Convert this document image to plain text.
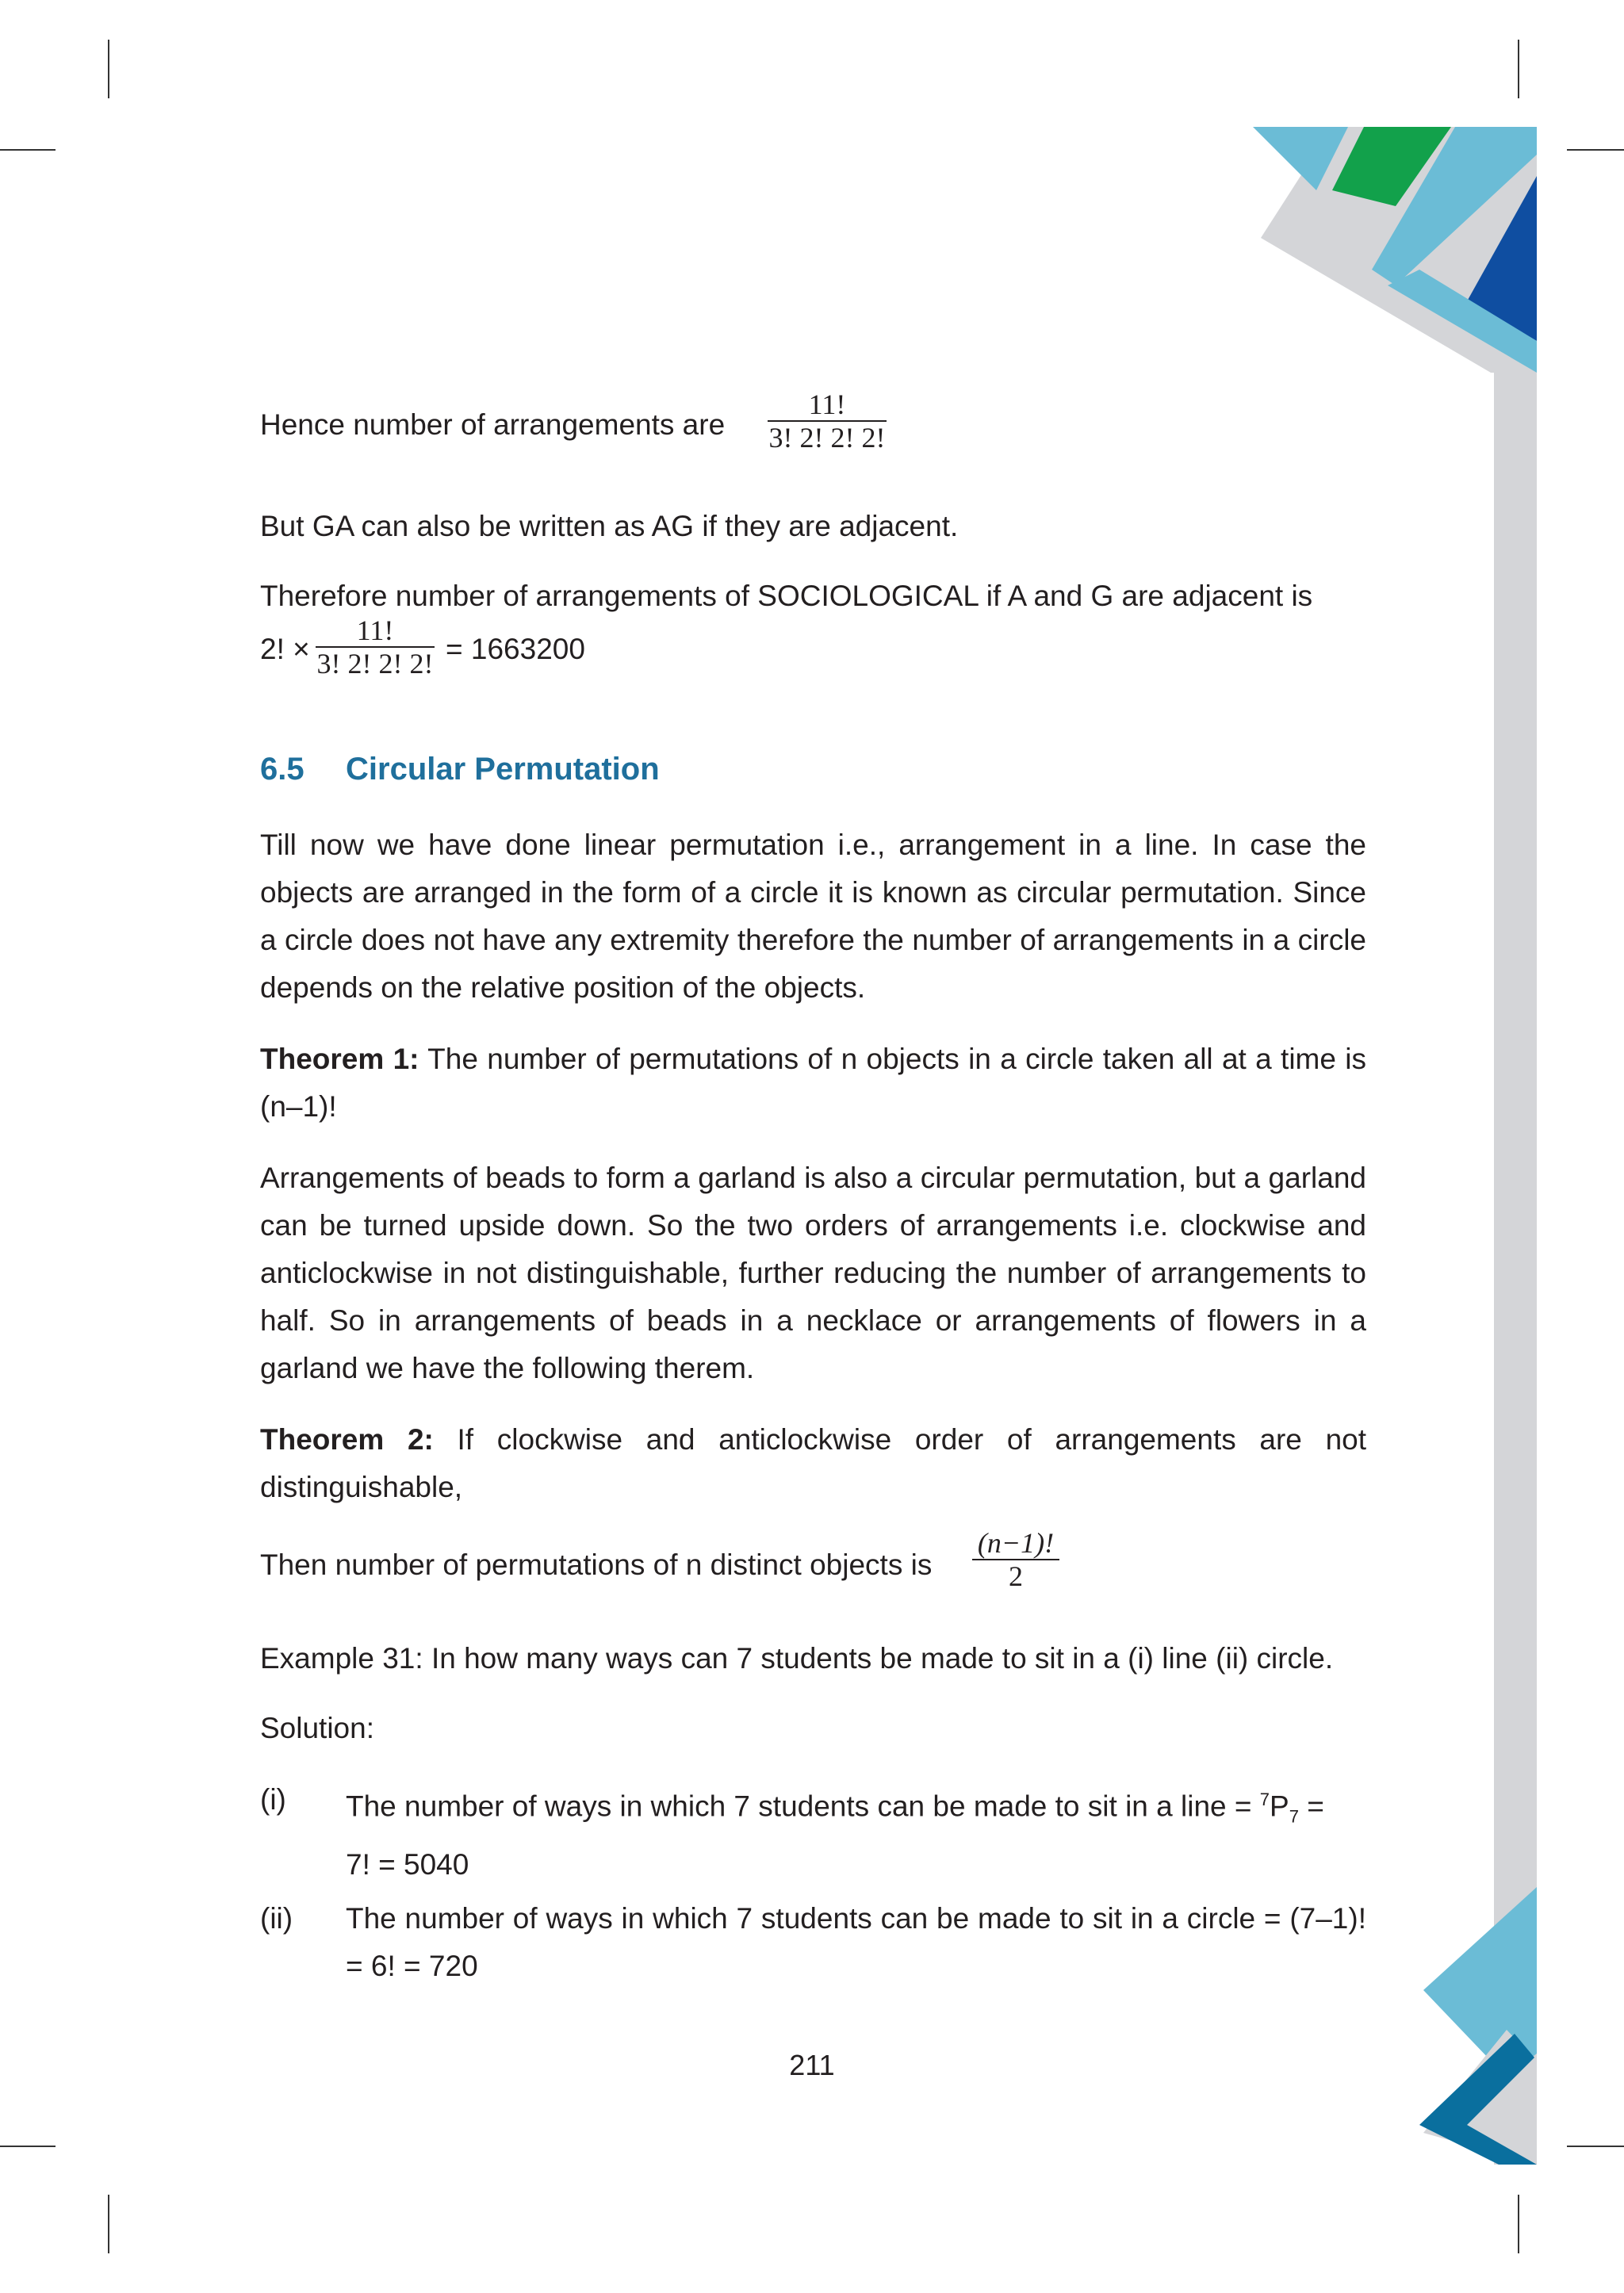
Hence number of arrangements are
11!
3! 2! 2! 2!
But GA can also be written as AG if they are adjacent.
Therefore number of arrangements of SOCIOLOGICAL if A and G are adjacent is
2! ×
11!
3! 2! 2! 2! = 1663200
6.5 Circular Permutation
Till now we have done linear permutation i.e., arrangement in a line. In case the objects are arranged in the form of a circle it is known as circular permutation. Since a circle does not have any extremity therefore the number of arrangements in a circle depends on the relative position of the objects.
Theorem 1: The number of permutations of n objects in a circle taken all at a time is (n–1)!
Arrangements of beads to form a garland is also a circular permutation, but a garland can be turned upside down. So the two orders of arrangements i.e. clockwise and anticlockwise in not distinguishable, further reducing the number of arrangements to half. So in arrangements of beads in a necklace or arrangements of flowers in a garland we have the following therem.
Theorem 2: If clockwise and anticlockwise order of arrangements are not distinguishable,
Then number of permutations of n distinct objects is
(n−1)!
2
Example 31: In how many ways can 7 students be made to sit in a (i) line (ii) circle.
Solution:
(i) The number of ways in which 7 students can be made to sit in a line = $^7P_7$ =
7! = 5040
(ii) The number of ways in which 7 students can be made to sit in a circle = (7–1)! = 6! = 720
211
